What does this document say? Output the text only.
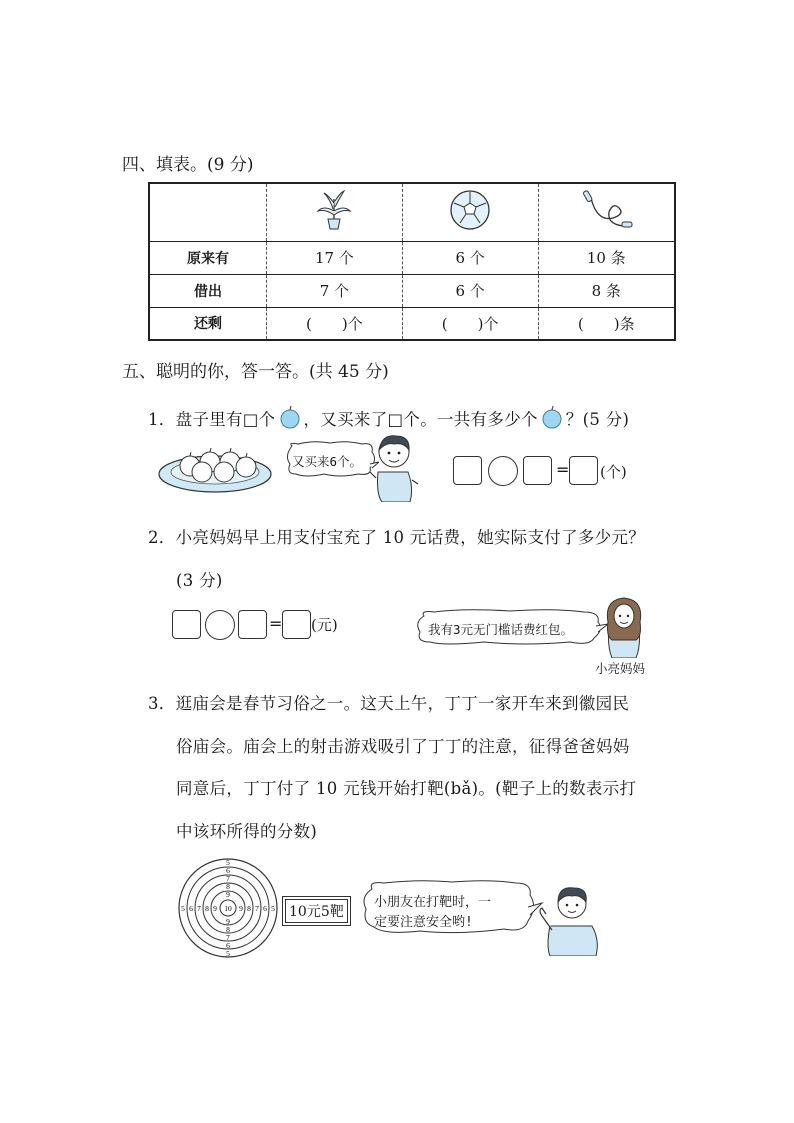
四、填表。(9 分)

原来有	17 个	6 个	10 条
借出	7 个	6 个	8 条
还剩	(　　)个	(　　)个	(　　)条
五、聪明的你，答一答。(共 45 分)
1．盘子里有□个 ，又买来了□个。一共有多少个 ？(5 分)
又买来6个。	= (个)
2．小亮妈妈早上用支付宝充了 10 元话费，她实际支付了多少元？
(3 分)
= (元)	我有3元无门槛话费红包。
小亮妈妈
3．逛庙会是春节习俗之一。这天上午，丁丁一家开车来到徽园民
俗庙会。庙会上的射击游戏吸引了丁丁的注意，征得爸爸妈妈
同意后，丁丁付了 10 元钱开始打靶(bǎ)。(靶子上的数表示打
中该环所得的分数)
10
5
6
7
8
9
9
8
7
6
5
5 6 7 8 9	9 8 7 6 5 10元5靶
小朋友在打靶时，一
定要注意安全哟!
